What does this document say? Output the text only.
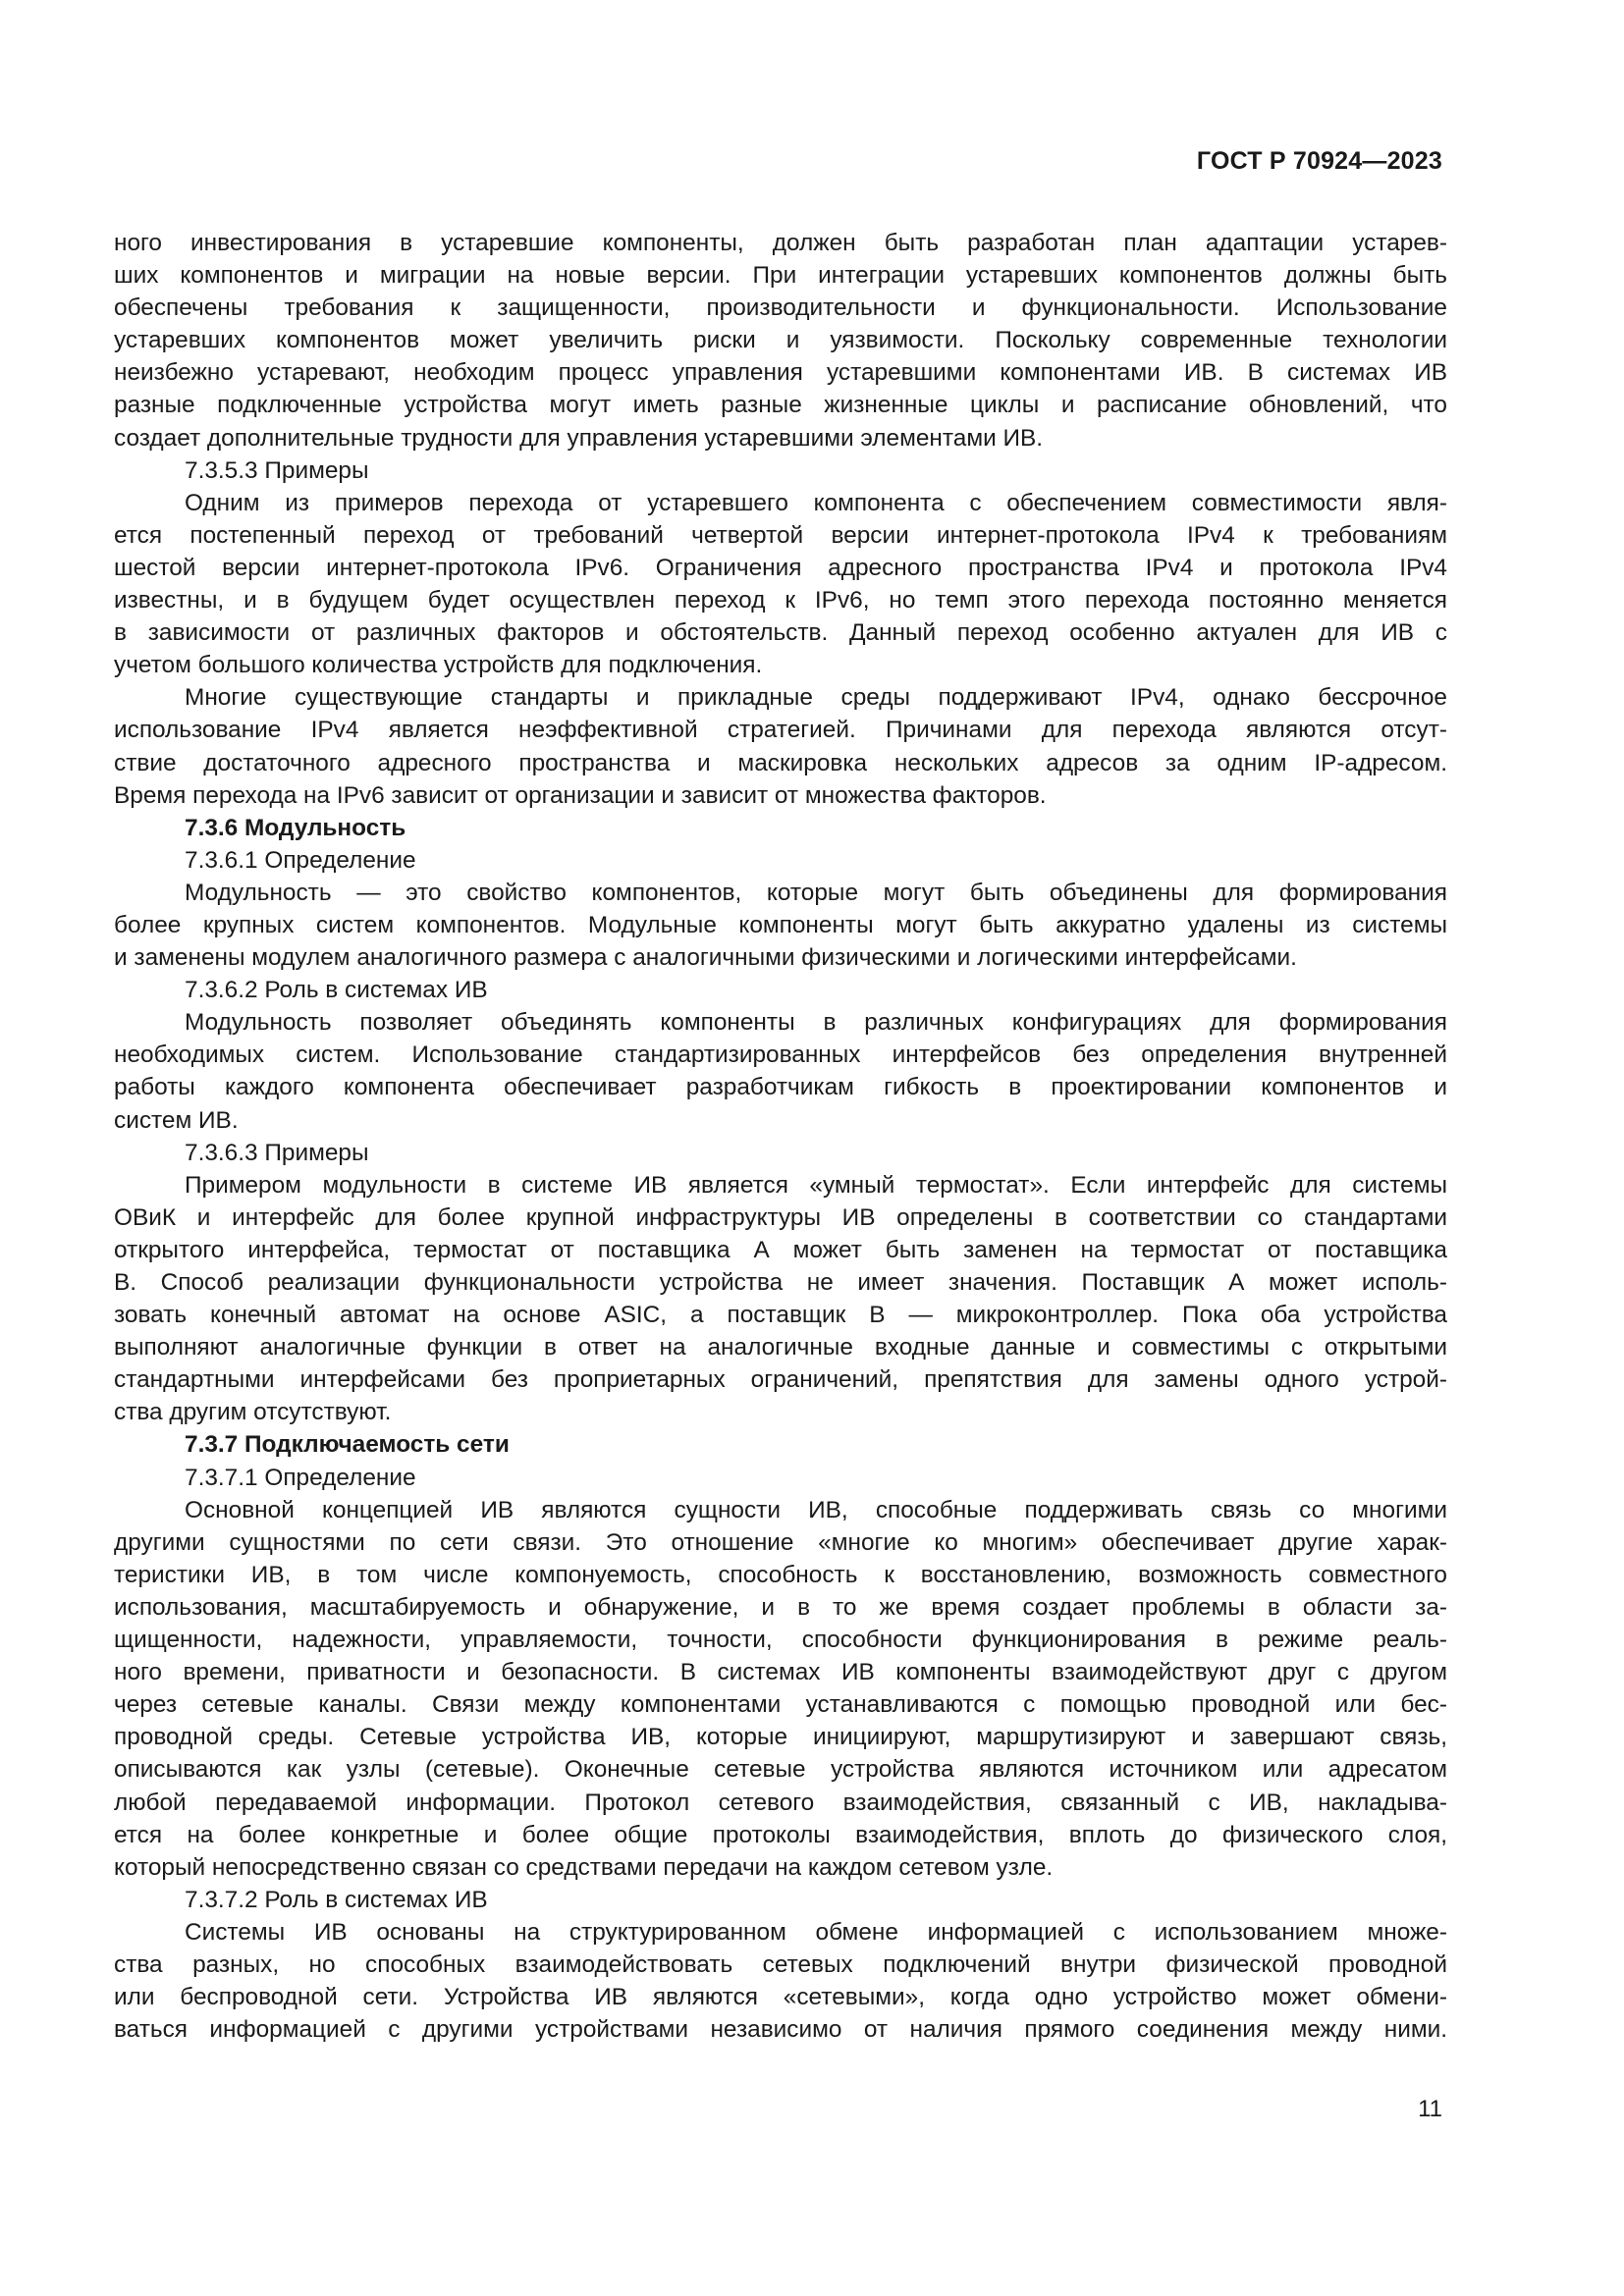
ГОСТ Р 70924—2023

ного инвестирования в устаревшие компоненты, должен быть разработан план адаптации устарев-
ших компонентов и миграции на новые версии. При интеграции устаревших компонентов должны быть
обеспечены требования к защищенности, производительности и функциональности. Использование
устаревших компонентов может увеличить риски и уязвимости. Поскольку современные технологии
неизбежно устаревают, необходим процесс управления устаревшими компонентами ИВ. В системах ИВ
разные подключенные устройства могут иметь разные жизненные циклы и расписание обновлений, что
создает дополнительные трудности для управления устаревшими элементами ИВ.

7.3.5.3 Примеры

Одним из примеров перехода от устаревшего компонента с обеспечением совместимости явля-
ется постепенный переход от требований четвертой версии интернет-протокола IPv4 к требованиям
шестой версии интернет-протокола IPv6. Ограничения адресного пространства IPv4 и протокола IPv4
известны, и в будущем будет осуществлен переход к IPv6, но темп этого перехода постоянно меняется
в зависимости от различных факторов и обстоятельств. Данный переход особенно актуален для ИВ с
учетом большого количества устройств для подключения.

Многие существующие стандарты и прикладные среды поддерживают IPv4, однако бессрочное
использование IPv4 является неэффективной стратегией. Причинами для перехода являются отсут-
ствие достаточного адресного пространства и маскировка нескольких адресов за одним IP-адресом.
Время перехода на IPv6 зависит от организации и зависит от множества факторов.

7.3.6 Модульность

7.3.6.1 Определение

Модульность — это свойство компонентов, которые могут быть объединены для формирования
более крупных систем компонентов. Модульные компоненты могут быть аккуратно удалены из системы
и заменены модулем аналогичного размера с аналогичными физическими и логическими интерфейсами.

7.3.6.2 Роль в системах ИВ

Модульность позволяет объединять компоненты в различных конфигурациях для формирования
необходимых систем. Использование стандартизированных интерфейсов без определения внутренней
работы каждого компонента обеспечивает разработчикам гибкость в проектировании компонентов и
систем ИВ.

7.3.6.3 Примеры

Примером модульности в системе ИВ является «умный термостат». Если интерфейс для системы
ОВиК и интерфейс для более крупной инфраструктуры ИВ определены в соответствии со стандартами
открытого интерфейса, термостат от поставщика А может быть заменен на термостат от поставщика
В. Способ реализации функциональности устройства не имеет значения. Поставщик А может исполь-
зовать конечный автомат на основе ASIC, а поставщик В — микроконтроллер. Пока оба устройства
выполняют аналогичные функции в ответ на аналогичные входные данные и совместимы с открытыми
стандартными интерфейсами без проприетарных ограничений, препятствия для замены одного устрой-
ства другим отсутствуют.

7.3.7 Подключаемость сети

7.3.7.1 Определение

Основной концепцией ИВ являются сущности ИВ, способные поддерживать связь со многими
другими сущностями по сети связи. Это отношение «многие ко многим» обеспечивает другие харак-
теристики ИВ, в том числе компонуемость, способность к восстановлению, возможность совместного
использования, масштабируемость и обнаружение, и в то же время создает проблемы в области за-
щищенности, надежности, управляемости, точности, способности функционирования в режиме реаль-
ного времени, приватности и безопасности. В системах ИВ компоненты взаимодействуют друг с другом
через сетевые каналы. Связи между компонентами устанавливаются с помощью проводной или бес-
проводной среды. Сетевые устройства ИВ, которые инициируют, маршрутизируют и завершают связь,
описываются как узлы (сетевые). Оконечные сетевые устройства являются источником или адресатом
любой передаваемой информации. Протокол сетевого взаимодействия, связанный с ИВ, накладыва-
ется на более конкретные и более общие протоколы взаимодействия, вплоть до физического слоя,
который непосредственно связан со средствами передачи на каждом сетевом узле.

7.3.7.2 Роль в системах ИВ

Системы ИВ основаны на структурированном обмене информацией с использованием множе-
ства разных, но способных взаимодействовать сетевых подключений внутри физической проводной
или беспроводной сети. Устройства ИВ являются «сетевыми», когда одно устройство может обмени-
ваться информацией с другими устройствами независимо от наличия прямого соединения между ними.

11
